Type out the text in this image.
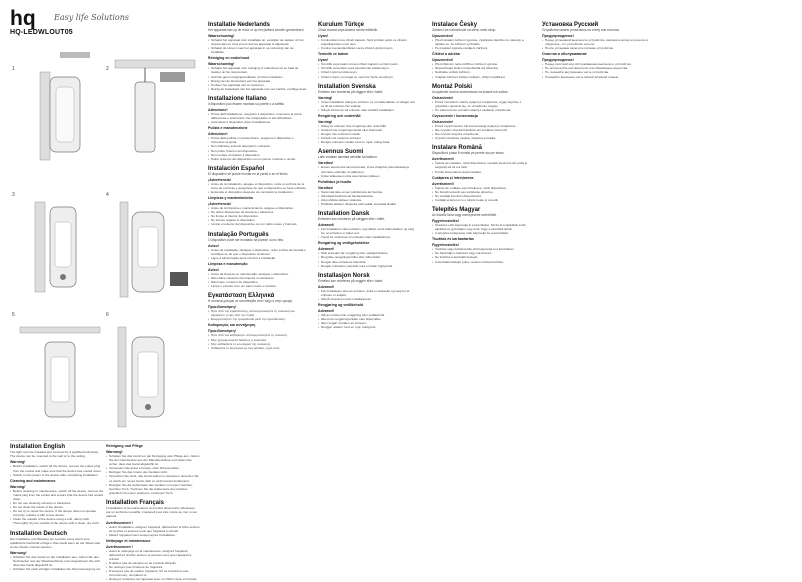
hq Easy life Solutions
HQ-LEDWLOUT05
1	2
3	4
5	6
Installation English
The light must be installed and serviced by a qualified technician. The device can be mounted to the wall or to the ceiling.
Warning!
• Before installation, switch off the device, remove the mains plug from the socket and make sure that the device has cooled down.
• Switch on the power to the device after completing installation.
Cleaning and maintenance
Warning!
• Before cleaning or maintenance, switch off the device, remove the mains plug from the socket and ensure that the device has cooled down.
• Do not use cleaning solvents or abrasives.
• Do not clean the inside of the device.
• Do not try to repair the device. If the device does not operate correctly, replace it with a new device.
• Clean the outside of the device using a soft, damp cloth. Thoroughly dry the outside of the device with a clean, dry cloth.
Installation Deutsch
Die Installation und Wartung der Leuchte muss durch eine qualifizierte Fachkraft erfolgen. Das Gerät kann an der Wand oder an der Decke montiert werden.
Warnung!
• Schalten Sie das Gerät vor der Installation aus, ziehen Sie den Netzstecker aus der Wandsteckdose und vergewissern Sie sich, dass das Gerät abgekühlt ist.
• Schalten Sie nach erfolgter Installation die Stromversorgung ein.
Reinigung und Pflege
Warnung!
• Schalten Sie das Gerät vor der Reinigung oder Pflege aus, ziehen Sie den Netzstecker aus der Wandsteckdose und stellen Sie sicher, dass das Gerät abgekühlt ist.
• Verwenden Sie keine Lösungs- oder Scheuermittel.
• Reinigen Sie das Innere des Gerätes nicht.
• Versuchen Sie nicht, das Gerät selbst zu reparieren. Ersetzen Sie es durch ein neues Gerät, falls es nicht korrekt funktioniert.
• Reinigen Sie die Außenseite des Gerätes mit einem weichen, feuchten Tuch. Trocknen Sie die Außenseite des Gerätes gründlich mit einem sauberen, trockenen Tuch.
Installation Français
L'installation et la maintenance du produit doivent être effectuées par un technicien qualifié. L'appareil peut être monté au mur ou au plafond.
Avertissement !
• Avant l'installation, éteignez l'appareil, débranchez la fiche secteur de la prise et assurez-vous que l'appareil a refroidi.
• Mettez l'appareil sous tension après l'installation.
Nettoyage et maintenance
Avertissement !
• Avant le nettoyage ou la maintenance, éteignez l'appareil, débranchez la fiche secteur et assurez-vous que l'appareil a refroidi.
• N'utilisez pas de solvants ou de produits abrasifs.
• Ne nettoyez pas l'intérieur de l'appareil.
• N'essayez pas de réparer l'appareil. S'il ne fonctionne pas correctement, remplacez-le.
• Nettoyez l'extérieur de l'appareil avec un chiffon doux et humide.
Installatie Nederlands
Het apparaat kan op de muur of op het plafond worden gemonteerd.
Waarschuwing!
• Schakel het apparaat vóór installatie uit, verwijder de stekker uit het stopcontact en zorg ervoor dat het apparaat is afgekoeld.
• Schakel de stroom naar het apparaat in na voltooiing van de installatie.
Reiniging en onderhoud
Waarschuwing!
• Schakel het apparaat vóór reiniging of onderhoud uit en haal de stekker uit het stopcontact.
• Gebruik geen reinigingsmiddelen of schuurmiddelen.
• Reinig niet de binnenkant van het apparaat.
• Probeer het apparaat niet te repareren.
• Reinig de buitenkant van het apparaat met een zachte, vochtige doek.
Installazione Italiano
Il dispositivo può essere montato su parete o a soffitto.
Attenzione!
• Prima dell'installazione, spegnere il dispositivo, rimuovere la spina dalla presa e assicurarsi che il dispositivo si sia raffreddato.
• Accendere il dispositivo dopo l'installazione.
Pulizia e manutenzione
Attenzione!
• Prima della pulizia o manutenzione, spegnere il dispositivo e rimuovere la spina.
• Non utilizzare solventi detergenti o abrasivi.
• Non pulire l'interno del dispositivo.
• Non tentare di riparare il dispositivo.
• Pulire l'esterno del dispositivo con un panno morbido e umido.
Instalación Español
El dispositivo se puede montar en la pared o en el techo.
¡Advertencia!
• Antes de la instalación, apague el dispositivo, retire el enchufe de la toma de corriente y asegúrese de que el dispositivo se haya enfriado.
• Encienda el dispositivo después de completar la instalación.
Limpieza y mantenimiento
¡Advertencia!
• Antes de la limpieza o mantenimiento, apague el dispositivo.
• No utilice disolventes de limpieza o abrasivos.
• No limpie el interior del dispositivo.
• No intente reparar el dispositivo.
• Limpie el exterior del dispositivo con un paño suave y húmedo.
Instalação Português
O dispositivo pode ser montado na parede ou no teto.
Aviso!
• Antes da instalação, desligue o dispositivo, retire a ficha da tomada e certifique-se de que o dispositivo arrefeceu.
• Ligue a alimentação após concluir a instalação.
Limpeza e manutenção
Aviso!
• Antes da limpeza ou manutenção, desligue o dispositivo.
• Não utilize solventes de limpeza ou abrasivos.
• Não limpe o interior do dispositivo.
• Limpe o exterior com um pano macio e húmido.
Εγκατάσταση Ελληνικά
Η συσκευή μπορεί να τοποθετηθεί στον τοίχο ή στην οροφή.
Προειδοποίηση!
• Πριν από την εγκατάσταση, απενεργοποιήστε τη συσκευή και αφαιρέστε το φις από την πρίζα.
• Ενεργοποιήστε την τροφοδοσία μετά την εγκατάσταση.
Καθαρισμός και συντήρηση
Προειδοποίηση!
• Πριν από τον καθαρισμό, απενεργοποιήστε τη συσκευή.
• Μην χρησιμοποιείτε διαλύτες ή λειαντικά.
• Μην καθαρίζετε το εσωτερικό της συσκευής.
• Καθαρίστε το εξωτερικό με ένα μαλακό, υγρό πανί.
Kurulum Türkçe
Cihaz duvara veya tavana monte edilebilir.
Uyarı!
• Kurulumdan önce cihazı kapatın, fişini prizden çekin ve cihazın soğuduğundan emin olun.
• Kurulum tamamlandıktan sonra cihazın gücünü açın.
Temizlik ve bakım
Uyarı!
• Temizlik veya bakım öncesi cihazı kapatın ve fişini çekin.
• Temizlik solventleri veya aşındırıcılar kullanmayın.
• Cihazın içini temizlemeyin.
• Cihazın dışını yumuşak ve nemli bir bezle temizleyin.
Installation Svenska
Enheten kan monteras på väggen eller i taket.
Varning!
• Innan installation stäng av enheten, ta ut nätkontakten ur uttaget och se till att enheten har svalnat.
• Slå på strömmen till enheten efter slutförd installation.
Rengöring och underhåll
Varning!
• Stäng av enheten före rengöring eller underhåll.
• Använd inte rengöringsmedel eller slipmedel.
• Rengör inte enhetens insida.
• Försök inte reparera enheten.
• Rengör enhetens utsida med en mjuk, fuktig trasa.
Asennus Suomi
Laite voidaan asentaa seinään tai kattoon.
Varoitus!
• Ennen asennusta sammuta laite, irrota virtajohto pistorasiasta ja varmista, että laite on jäähtynyt.
• Kytke laitteeseen virta asennuksen jälkeen.
Puhdistus ja huolto
Varoitus!
• Sammuta laite ennen puhdistusta tai huoltoa.
• Älä käytä liuottimia tai hankausaineita.
• Älä puhdista laitteen sisäosia.
• Puhdista laitteen ulkopinta pehmeällä, kostealla liinalla.
Installation Dansk
Enheden kan monteres på væggen eller i loftet.
Advarsel!
• Før installation sluk enheden, tag stikket ud af stikkontakten og sørg for, at enheden er kølet ned.
• Tænd for strømmen til enheden efter installationen.
Rengøring og vedligeholdelse
Advarsel!
• Sluk enheden før rengøring eller vedligeholdelse.
• Brug ikke rengøringsmidler eller slibemidler.
• Rengør ikke enhedens inderside.
• Rengør enhedens yderside med en blød, fugtig klud.
Installasjon Norsk
Enheten kan monteres på veggen eller i taket.
Advarsel!
• Før installasjon skru av enheten, trekk ut støpselet og sørg for at enheten er avkjølt.
• Slå på strømmen etter installasjonen.
Rengjøring og vedlikehold
Advarsel!
• Slå av enheten før rengjøring eller vedlikehold.
• Ikke bruk rengjøringsmidler eller slipemidler.
• Ikke rengjør innsiden av enheten.
• Rengjør utsiden med en myk, fuktig klut.
Instalace Česky
Zařízení lze namontovat na stěnu nebo strop.
Upozornění!
• Před instalací zařízení vypněte, vytáhněte zástrčku ze zásuvky a ujistěte se, že zařízení vychladlo.
• Po instalaci zapněte napájení zařízení.
Čištění a údržba
Upozornění!
• Před čištěním nebo údržbou zařízení vypněte.
• Nepoužívejte čisticí rozpouštědla ani abraziva.
• Nečistěte vnitřek zařízení.
• Vnějšek zařízení čistěte měkkým, vlhkým hadříkem.
Montaż Polski
Urządzenie można zamontować na ścianie lub suficie.
Ostrzeżenie!
• Przed montażem należy wyłączyć urządzenie, wyjąć wtyczkę z gniazdka i upewnić się, że urządzenie ostygło.
• Po zakończeniu montażu włączyć zasilanie urządzenia.
Czyszczenie i konserwacja
Ostrzeżenie!
• Przed czyszczeniem lub konserwacją wyłączyć urządzenie.
• Nie używać rozpuszczalników ani środków ściernych.
• Nie czyścić wnętrza urządzenia.
• Czyścić obudowę miękką, wilgotną szmatką.
Instalare Română
Dispozitivul poate fi montat pe perete sau pe tavan.
Avertisment!
• Înainte de instalare, opriți dispozitivul, scoateți ștecherul din priză și asigurați-vă că s-a răcit.
• Porniți alimentarea după instalare.
Curățarea și întreținerea
Avertisment!
• Înainte de curățare sau întreținere, opriți dispozitivul.
• Nu folosiți solvenți sau substanțe abrazive.
• Nu curățați interiorul dispozitivului.
• Curățați exteriorul cu o cârpă moale și umedă.
Telepítés Magyar
Az eszköz falra vagy mennyezetre szerelhető.
Figyelmeztetés!
• Telepítés előtt kapcsolja ki a készüléket, húzza ki a tápkábelt a fali aljzatból és győződjön meg arról, hogy a készülék lehűlt.
• A telepítés befejezése után kapcsolja be a készüléket.
Tisztítás és karbantartás
Figyelmeztetés!
• Tisztítás vagy karbantartás előtt kapcsolja ki a készüléket.
• Ne használjon oldószert vagy súrolószert.
• Ne tisztítsa a készülék belsejét.
• A készülék külsejét puha, nedves ruhával tisztítsa.
Установка Русский
Устройство можно установить на стену или потолок.
Предупреждение!
• Перед установкой выключите устройство, извлеките вилку из розетки и убедитесь, что устройство остыло.
• После установки включите питание устройства.
Очистка и обслуживание
Предупреждение!
• Перед очисткой или обслуживанием выключите устройство.
• Не используйте растворители или абразивные вещества.
• Не очищайте внутреннюю часть устройства.
• Очищайте внешнюю часть мягкой влажной тканью.
